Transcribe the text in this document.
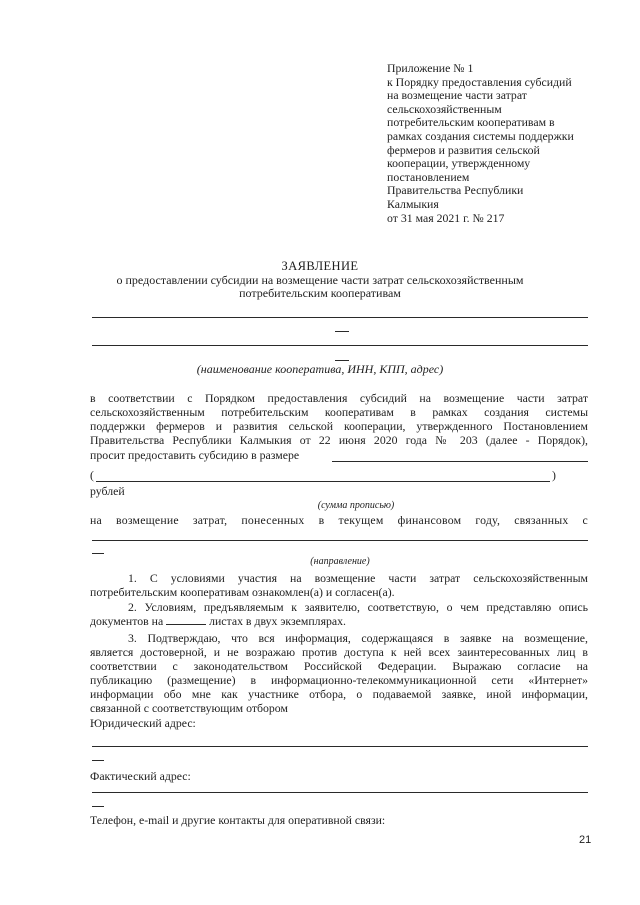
Приложение № 1
к Порядку предоставления субсидий
на возмещение части затрат
сельскохозяйственным
потребительским кооперативам в
рамках создания системы поддержки
фермеров и развития сельской
кооперации, утвержденному
постановлением
Правительства Республики
Калмыкия
от 31 мая 2021 г. № 217
ЗАЯВЛЕНИЕ
о предоставлении субсидии на возмещение части затрат сельскохозяйственным
потребительским кооперативам
(наименование кооператива, ИНН, КПП, адрес)
в соответствии с Порядком предоставления субсидий на возмещение части затрат
сельскохозяйственным потребительским кооперативам в рамках создания системы
поддержки фермеров и развития сельской кооперации, утвержденного Постановлением
Правительства Республики Калмыкия от 22 июня 2020 года № 203 (далее - Порядок),
просит предоставить субсидию в размере
(	)
рублей
(сумма прописью)
на возмещение затрат, понесенных в текущем финансовом году, связанных с
(направление)
1. С условиями участия на возмещение части затрат сельскохозяйственным
потребительским кооперативам ознакомлен(а) и согласен(а).
2. Условиям, предъявляемым к заявителю, соответствую, о чем представляю опись
документов на	листах в двух экземплярах.
3. Подтверждаю, что вся информация, содержащаяся в заявке на возмещение,
является достоверной, и не возражаю против доступа к ней всех заинтересованных лиц в
соответствии с законодательством Российской Федерации. Выражаю согласие на
публикацию (размещение) в информационно-телекоммуникационной сети «Интернет»
информации обо мне как участнике отбора, о подаваемой заявке, иной информации,
связанной с соответствующим отбором
Юридический адрес:
Фактический адрес:
Телефон, e-mail и другие контакты для оперативной связи:
21
